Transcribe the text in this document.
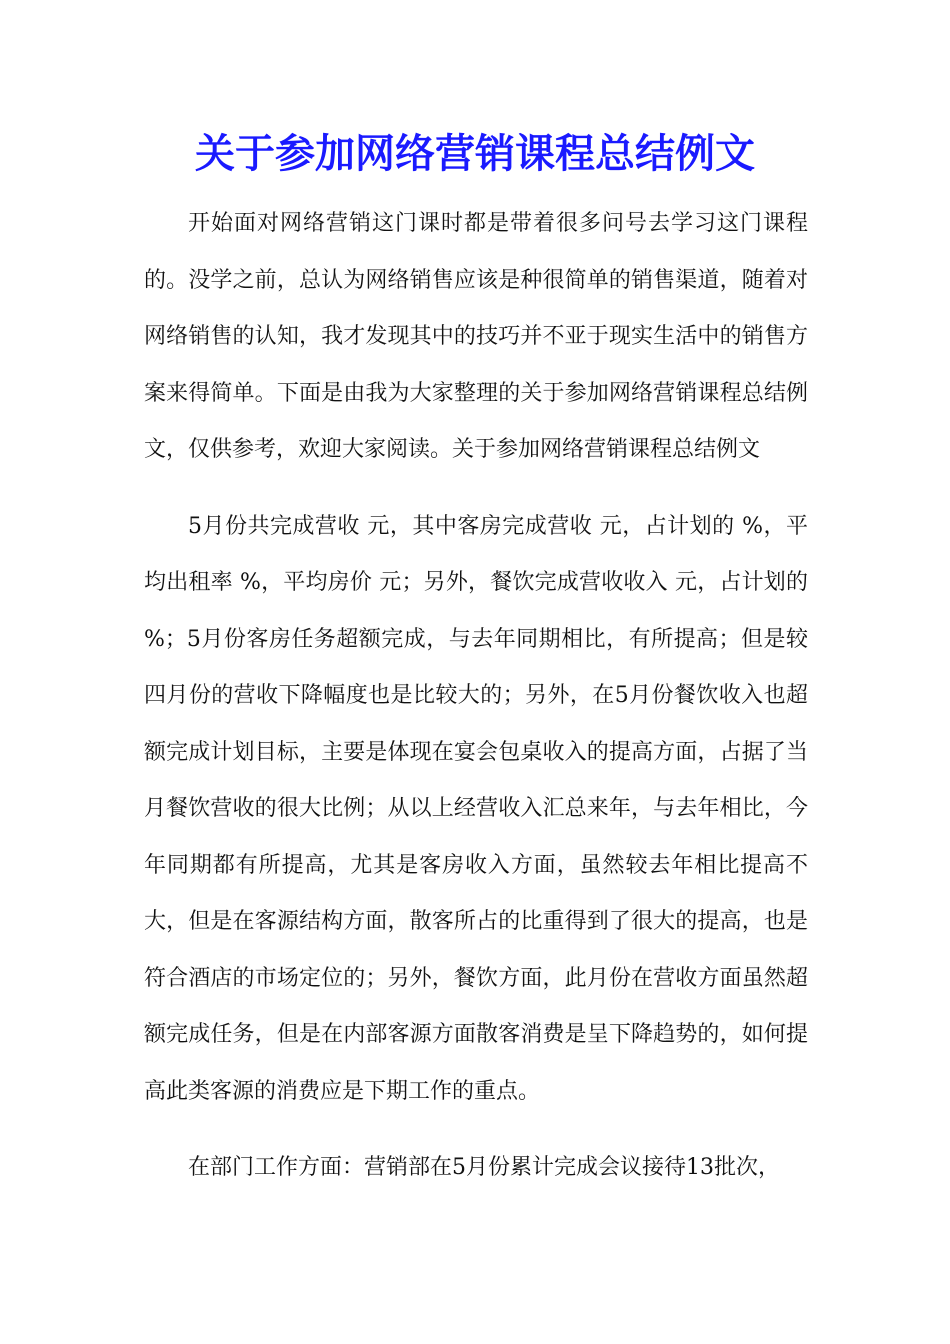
关于参加网络营销课程总结例文

开始面对网络营销这门课时都是带着很多问号去学习这门课程的。没学之前，总认为网络销售应该是种很简单的销售渠道，随着对网络销售的认知，我才发现其中的技巧并不亚于现实生活中的销售方案来得简单。下面是由我为大家整理的关于参加网络营销课程总结例文，仅供参考，欢迎大家阅读。关于参加网络营销课程总结例文

5月份共完成营收 元，其中客房完成营收 元，占计划的 %，平均出租率 %，平均房价 元；另外，餐饮完成营收收入 元，占计划的 %；5月份客房任务超额完成，与去年同期相比，有所提高；但是较四月份的营收下降幅度也是比较大的；另外，在5月份餐饮收入也超额完成计划目标，主要是体现在宴会包桌收入的提高方面，占据了当月餐饮营收的很大比例；从以上经营收入汇总来年，与去年相比，今年同期都有所提高，尤其是客房收入方面，虽然较去年相比提高不大，但是在客源结构方面，散客所占的比重得到了很大的提高，也是符合酒店的市场定位的；另外，餐饮方面，此月份在营收方面虽然超额完成任务，但是在内部客源方面散客消费是呈下降趋势的，如何提高此类客源的消费应是下期工作的重点。

在部门工作方面：营销部在5月份累计完成会议接待13批次，
